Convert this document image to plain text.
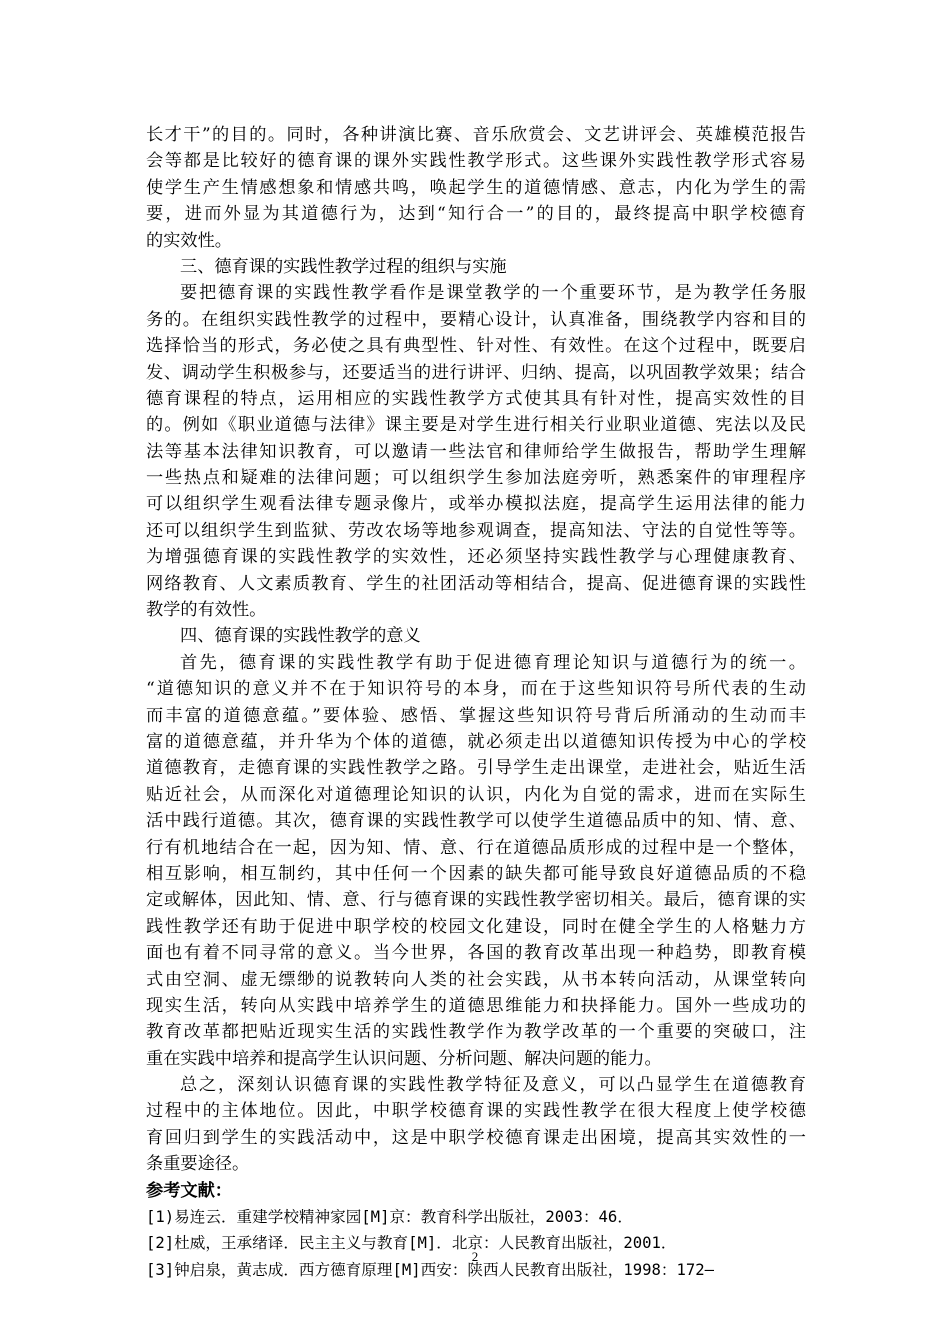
长才干”的目的。同时，各种讲演比赛、音乐欣赏会、文艺讲评会、英雄模范报告
会等都是比较好的德育课的课外实践性教学形式。这些课外实践性教学形式容易
使学生产生情感想象和情感共鸣，唤起学生的道德情感、意志，内化为学生的需
要，进而外显为其道德行为，达到“知行合一”的目的，最终提高中职学校德育
的实效性。
三、德育课的实践性教学过程的组织与实施
要把德育课的实践性教学看作是课堂教学的一个重要环节，是为教学任务服
务的。在组织实践性教学的过程中，要精心设计，认真准备，围绕教学内容和目的
选择恰当的形式，务必使之具有典型性、针对性、有效性。在这个过程中，既要启
发、调动学生积极参与，还要适当的进行讲评、归纳、提高，以巩固教学效果；结合
德育课程的特点，运用相应的实践性教学方式使其具有针对性，提高实效性的目
的。例如《职业道德与法律》课主要是对学生进行相关行业职业道德、宪法以及民
法等基本法律知识教育，可以邀请一些法官和律师给学生做报告，帮助学生理解
一些热点和疑难的法律问题；可以组织学生参加法庭旁听，熟悉案件的审理程序
可以组织学生观看法律专题录像片，或举办模拟法庭，提高学生运用法律的能力
还可以组织学生到监狱、劳改农场等地参观调查，提高知法、守法的自觉性等等。
为增强德育课的实践性教学的实效性，还必须坚持实践性教学与心理健康教育、
网络教育、人文素质教育、学生的社团活动等相结合，提高、促进德育课的实践性
教学的有效性。
四、德育课的实践性教学的意义
首先，德育课的实践性教学有助于促进德育理论知识与道德行为的统一。
“道德知识的意义并不在于知识符号的本身，而在于这些知识符号所代表的生动
而丰富的道德意蕴。”要体验、感悟、掌握这些知识符号背后所涌动的生动而丰
富的道德意蕴，并升华为个体的道德，就必须走出以道德知识传授为中心的学校
道德教育，走德育课的实践性教学之路。引导学生走出课堂，走进社会，贴近生活
贴近社会，从而深化对道德理论知识的认识，内化为自觉的需求，进而在实际生
活中践行道德。其次，德育课的实践性教学可以使学生道德品质中的知、情、意、
行有机地结合在一起，因为知、情、意、行在道德品质形成的过程中是一个整体，
相互影响，相互制约，其中任何一个因素的缺失都可能导致良好道德品质的不稳
定或解体，因此知、情、意、行与德育课的实践性教学密切相关。最后，德育课的实
践性教学还有助于促进中职学校的校园文化建设，同时在健全学生的人格魅力方
面也有着不同寻常的意义。当今世界，各国的教育改革出现一种趋势，即教育模
式由空洞、虚无缥缈的说教转向人类的社会实践，从书本转向活动，从课堂转向
现实生活，转向从实践中培养学生的道德思维能力和抉择能力。国外一些成功的
教育改革都把贴近现实生活的实践性教学作为教学改革的一个重要的突破口，注
重在实践中培养和提高学生认识问题、分析问题、解决问题的能力。
总之，深刻认识德育课的实践性教学特征及意义，可以凸显学生在道德教育
过程中的主体地位。因此，中职学校德育课的实践性教学在很大程度上使学校德
育回归到学生的实践活动中，这是中职学校德育课走出困境，提高其实效性的一
条重要途径。
参考文献：
[1)易连云．重建学校精神家园[M]京：教育科学出版社，2003：46．
[2]杜威，王承绪译．民主主义与教育[M]．北京：人民教育出版社，2001．
[3]钟启泉，黄志成．西方德育原理[M]西安：陕西人民教育出版社，1998：172—
2
